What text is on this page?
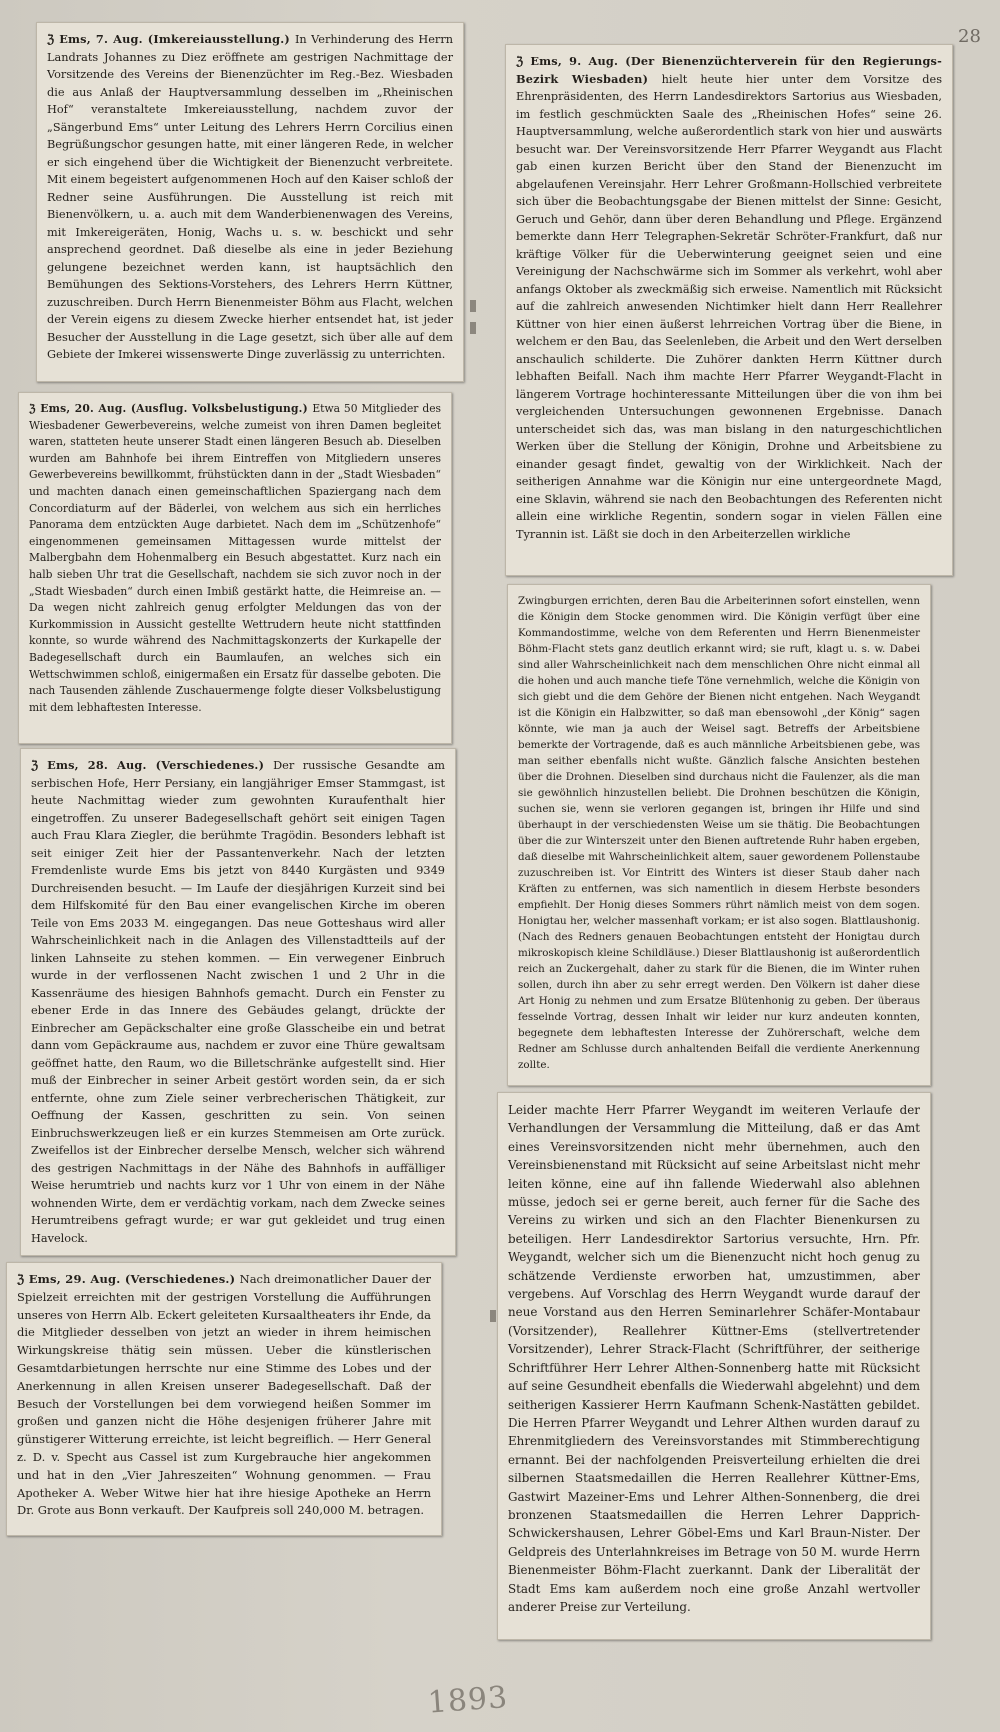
28
ℨ Ems, 7. Aug. (Imkereiausstellung.) In Verhinderung des Herrn Landrats Johannes zu Diez eröffnete am gestrigen Nachmittage der Vorsitzende des Vereins der Bienenzüchter im Reg.-Bez. Wiesbaden die aus Anlaß der Hauptversammlung desselben im „Rheinischen Hof“ veranstaltete Imkereiausstellung, nachdem zuvor der „Sängerbund Ems“ unter Leitung des Lehrers Herrn Corcilius einen Begrüßungschor gesungen hatte, mit einer längeren Rede, in welcher er sich eingehend über die Wichtigkeit der Bienenzucht verbreitete. Mit einem begeistert aufgenommenen Hoch auf den Kaiser schloß der Redner seine Ausführungen. Die Ausstellung ist reich mit Bienenvölkern, u. a. auch mit dem Wanderbienenwagen des Vereins, mit Imkereigeräten, Honig, Wachs u. s. w. beschickt und sehr ansprechend geordnet. Daß dieselbe als eine in jeder Beziehung gelungene bezeichnet werden kann, ist hauptsächlich den Bemühungen des Sektions-Vorstehers, des Lehrers Herrn Küttner, zuzuschreiben. Durch Herrn Bienenmeister Böhm aus Flacht, welchen der Verein eigens zu diesem Zwecke hierher entsendet hat, ist jeder Besucher der Ausstellung in die Lage gesetzt, sich über alle auf dem Gebiete der Imkerei wissenswerte Dinge zuverlässig zu unterrichten.
ℨ Ems, 20. Aug. (Ausflug. Volksbelustigung.) Etwa 50 Mitglieder des Wiesbadener Gewerbevereins, welche zumeist von ihren Damen begleitet waren, statteten heute unserer Stadt einen längeren Besuch ab. Dieselben wurden am Bahnhofe bei ihrem Eintreffen von Mitgliedern unseres Gewerbevereins bewillkommt, frühstückten dann in der „Stadt Wiesbaden“ und machten danach einen gemeinschaftlichen Spaziergang nach dem Concordiaturm auf der Bäderlei, von welchem aus sich ein herrliches Panorama dem entzückten Auge darbietet. Nach dem im „Schützenhofe“ eingenommenen gemeinsamen Mittagessen wurde mittelst der Malbergbahn dem Hohenmalberg ein Besuch abgestattet. Kurz nach ein halb sieben Uhr trat die Gesellschaft, nachdem sie sich zuvor noch in der „Stadt Wiesbaden“ durch einen Imbiß gestärkt hatte, die Heimreise an. — Da wegen nicht zahlreich genug erfolgter Meldungen das von der Kurkommission in Aussicht gestellte Wettrudern heute nicht stattfinden konnte, so wurde während des Nachmittagskonzerts der Kurkapelle der Badegesellschaft durch ein Baumlaufen, an welches sich ein Wettschwimmen schloß, einigermaßen ein Ersatz für dasselbe geboten. Die nach Tausenden zählende Zuschauermenge folgte dieser Volksbelustigung mit dem lebhaftesten Interesse.
ℨ Ems, 28. Aug. (Verschiedenes.) Der russische Gesandte am serbischen Hofe, Herr Persiany, ein langjähriger Emser Stammgast, ist heute Nachmittag wieder zum gewohnten Kuraufenthalt hier eingetroffen. Zu unserer Badegesellschaft gehört seit einigen Tagen auch Frau Klara Ziegler, die berühmte Tragödin. Besonders lebhaft ist seit einiger Zeit hier der Passantenverkehr. Nach der letzten Fremdenliste wurde Ems bis jetzt von 8440 Kurgästen und 9349 Durchreisenden besucht. — Im Laufe der diesjährigen Kurzeit sind bei dem Hilfskomité für den Bau einer evangelischen Kirche im oberen Teile von Ems 2033 M. eingegangen. Das neue Gotteshaus wird aller Wahrscheinlichkeit nach in die Anlagen des Villenstadtteils auf der linken Lahnseite zu stehen kommen. — Ein verwegener Einbruch wurde in der verflossenen Nacht zwischen 1 und 2 Uhr in die Kassenräume des hiesigen Bahnhofs gemacht. Durch ein Fenster zu ebener Erde in das Innere des Gebäudes gelangt, drückte der Einbrecher am Gepäckschalter eine große Glasscheibe ein und betrat dann vom Gepäckraume aus, nachdem er zuvor eine Thüre gewaltsam geöffnet hatte, den Raum, wo die Billetschränke aufgestellt sind. Hier muß der Einbrecher in seiner Arbeit gestört worden sein, da er sich entfernte, ohne zum Ziele seiner verbrecherischen Thätigkeit, zur Oeffnung der Kassen, geschritten zu sein. Von seinen Einbruchswerkzeugen ließ er ein kurzes Stemmeisen am Orte zurück. Zweifellos ist der Einbrecher derselbe Mensch, welcher sich während des gestrigen Nachmittags in der Nähe des Bahnhofs in auffälliger Weise herumtrieb und nachts kurz vor 1 Uhr von einem in der Nähe wohnenden Wirte, dem er verdächtig vorkam, nach dem Zwecke seines Herumtreibens gefragt wurde; er war gut gekleidet und trug einen Havelock.
ℨ Ems, 29. Aug. (Verschiedenes.) Nach dreimonatlicher Dauer der Spielzeit erreichten mit der gestrigen Vorstellung die Aufführungen unseres von Herrn Alb. Eckert geleiteten Kursaaltheaters ihr Ende, da die Mitglieder desselben von jetzt an wieder in ihrem heimischen Wirkungskreise thätig sein müssen. Ueber die künstlerischen Gesamtdarbietungen herrschte nur eine Stimme des Lobes und der Anerkennung in allen Kreisen unserer Badegesellschaft. Daß der Besuch der Vorstellungen bei dem vorwiegend heißen Sommer im großen und ganzen nicht die Höhe desjenigen früherer Jahre mit günstigerer Witterung erreichte, ist leicht begreiflich. — Herr General z. D. v. Specht aus Cassel ist zum Kurgebrauche hier angekommen und hat in den „Vier Jahreszeiten“ Wohnung genommen. — Frau Apotheker A. Weber Witwe hier hat ihre hiesige Apotheke an Herrn Dr. Grote aus Bonn verkauft. Der Kaufpreis soll 240,000 M. betragen.
ℨ Ems, 9. Aug. (Der Bienenzüchterverein für den Regierungs-Bezirk Wiesbaden) hielt heute hier unter dem Vorsitze des Ehrenpräsidenten, des Herrn Landesdirektors Sartorius aus Wiesbaden, im festlich geschmückten Saale des „Rheinischen Hofes“ seine 26. Hauptversammlung, welche außerordentlich stark von hier und auswärts besucht war. Der Vereinsvorsitzende Herr Pfarrer Weygandt aus Flacht gab einen kurzen Bericht über den Stand der Bienenzucht im abgelaufenen Vereinsjahr. Herr Lehrer Großmann-Hollschied verbreitete sich über die Beobachtungsgabe der Bienen mittelst der Sinne: Gesicht, Geruch und Gehör, dann über deren Behandlung und Pflege. Ergänzend bemerkte dann Herr Telegraphen-Sekretär Schröter-Frankfurt, daß nur kräftige Völker für die Ueberwinterung geeignet seien und eine Vereinigung der Nachschwärme sich im Sommer als verkehrt, wohl aber anfangs Oktober als zweckmäßig sich erweise. Namentlich mit Rücksicht auf die zahlreich anwesenden Nichtimker hielt dann Herr Reallehrer Küttner von hier einen äußerst lehrreichen Vortrag über die Biene, in welchem er den Bau, das Seelenleben, die Arbeit und den Wert derselben anschaulich schilderte. Die Zuhörer dankten Herrn Küttner durch lebhaften Beifall. Nach ihm machte Herr Pfarrer Weygandt-Flacht in längerem Vortrage hochinteressante Mitteilungen über die von ihm bei vergleichenden Untersuchungen gewonnenen Ergebnisse. Danach unterscheidet sich das, was man bislang in den naturgeschichtlichen Werken über die Stellung der Königin, Drohne und Arbeitsbiene zu einander gesagt findet, gewaltig von der Wirklichkeit. Nach der seitherigen Annahme war die Königin nur eine untergeordnete Magd, eine Sklavin, während sie nach den Beobachtungen des Referenten nicht allein eine wirkliche Regentin, sondern sogar in vielen Fällen eine Tyrannin ist. Läßt sie doch in den Arbeiterzellen wirkliche
Zwingburgen errichten, deren Bau die Arbeiterinnen sofort einstellen, wenn die Königin dem Stocke genommen wird. Die Königin verfügt über eine Kommandostimme, welche von dem Referenten und Herrn Bienenmeister Böhm-Flacht stets ganz deutlich erkannt wird; sie ruft, klagt u. s. w. Dabei sind aller Wahrscheinlichkeit nach dem menschlichen Ohre nicht einmal all die hohen und auch manche tiefe Töne vernehmlich, welche die Königin von sich giebt und die dem Gehöre der Bienen nicht entgehen. Nach Weygandt ist die Königin ein Halbzwitter, so daß man ebensowohl „der König“ sagen könnte, wie man ja auch der Weisel sagt. Betreffs der Arbeitsbiene bemerkte der Vortragende, daß es auch männliche Arbeitsbienen gebe, was man seither ebenfalls nicht wußte. Gänzlich falsche Ansichten bestehen über die Drohnen. Dieselben sind durchaus nicht die Faulenzer, als die man sie gewöhnlich hinzustellen beliebt. Die Drohnen beschützen die Königin, suchen sie, wenn sie verloren gegangen ist, bringen ihr Hilfe und sind überhaupt in der verschiedensten Weise um sie thätig. Die Beobachtungen über die zur Winterszeit unter den Bienen auftretende Ruhr haben ergeben, daß dieselbe mit Wahrscheinlichkeit altem, sauer gewordenem Pollenstaube zuzuschreiben ist. Vor Eintritt des Winters ist dieser Staub daher nach Kräften zu entfernen, was sich namentlich in diesem Herbste besonders empfiehlt. Der Honig dieses Sommers rührt nämlich meist von dem sogen. Honigtau her, welcher massenhaft vorkam; er ist also sogen. Blattlaushonig. (Nach des Redners genauen Beobachtungen entsteht der Honigtau durch mikroskopisch kleine Schildläuse.) Dieser Blattlaushonig ist außerordentlich reich an Zuckergehalt, daher zu stark für die Bienen, die im Winter ruhen sollen, durch ihn aber zu sehr erregt werden. Den Völkern ist daher diese Art Honig zu nehmen und zum Ersatze Blütenhonig zu geben. Der überaus fesselnde Vortrag, dessen Inhalt wir leider nur kurz andeuten konnten, begegnete dem lebhaftesten Interesse der Zuhörerschaft, welche dem Redner am Schlusse durch anhaltenden Beifall die verdiente Anerkennung zollte.
Leider machte Herr Pfarrer Weygandt im weiteren Verlaufe der Verhandlungen der Versammlung die Mitteilung, daß er das Amt eines Vereinsvorsitzenden nicht mehr übernehmen, auch den Vereinsbienenstand mit Rücksicht auf seine Arbeitslast nicht mehr leiten könne, eine auf ihn fallende Wiederwahl also ablehnen müsse, jedoch sei er gerne bereit, auch ferner für die Sache des Vereins zu wirken und sich an den Flachter Bienenkursen zu beteiligen. Herr Landesdirektor Sartorius versuchte, Hrn. Pfr. Weygandt, welcher sich um die Bienenzucht nicht hoch genug zu schätzende Verdienste erworben hat, umzustimmen, aber vergebens. Auf Vorschlag des Herrn Weygandt wurde darauf der neue Vorstand aus den Herren Seminarlehrer Schäfer-Montabaur (Vorsitzender), Reallehrer Küttner-Ems (stellvertretender Vorsitzender), Lehrer Strack-Flacht (Schriftführer, der seitherige Schriftführer Herr Lehrer Althen-Sonnenberg hatte mit Rücksicht auf seine Gesundheit ebenfalls die Wiederwahl abgelehnt) und dem seitherigen Kassierer Herrn Kaufmann Schenk-Nastätten gebildet. Die Herren Pfarrer Weygandt und Lehrer Althen wurden darauf zu Ehrenmitgliedern des Vereinsvorstandes mit Stimmberechtigung ernannt. Bei der nachfolgenden Preisverteilung erhielten die drei silbernen Staatsmedaillen die Herren Reallehrer Küttner-Ems, Gastwirt Mazeiner-Ems und Lehrer Althen-Sonnenberg, die drei bronzenen Staatsmedaillen die Herren Lehrer Dapprich-Schwickershausen, Lehrer Göbel-Ems und Karl Braun-Nister. Der Geldpreis des Unterlahnkreises im Betrage von 50 M. wurde Herrn Bienenmeister Böhm-Flacht zuerkannt. Dank der Liberalität der Stadt Ems kam außerdem noch eine große Anzahl wertvoller anderer Preise zur Verteilung.
1893
